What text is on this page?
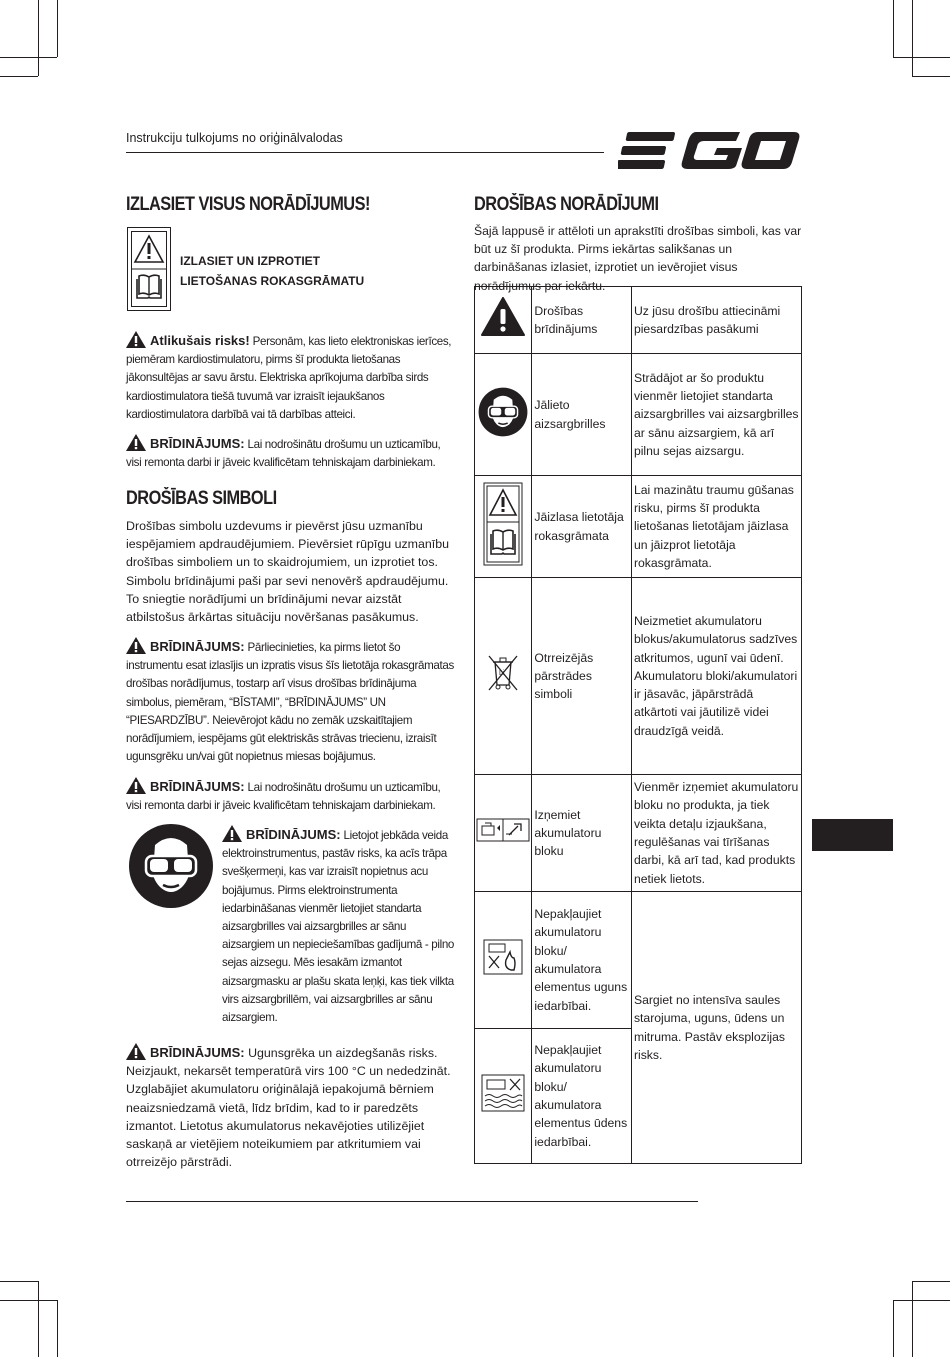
Instrukciju tulkojums no oriģinālvalodas
IZLASIET VISUS NORĀDĪJUMUS!
IZLASIET UN IZPROTIET
LIETOŠANAS ROKASGRĀMATU
Atlikušais risks! Personām, kas lieto elektroniskas ierīces, piemēram kardiostimulatoru, pirms šī produkta lietošanas jākonsultējas ar savu ārstu. Elektriska aprīkojuma darbība sirds kardiostimulatora tiešā tuvumā var izraisīt iejaukšanos kardiostimulatora darbībā vai tā darbības atteici.
BRĪDINĀJUMS: Lai nodrošinātu drošumu un uzticamību, visi remonta darbi ir jāveic kvalificētam tehniskajam darbiniekam.
DROŠĪBAS SIMBOLI
Drošības simbolu uzdevums ir pievērst jūsu uzmanību iespējamiem apdraudējumiem. Pievērsiet rūpīgu uzmanību drošības simboliem un to skaidrojumiem, un izprotiet tos. Simbolu brīdinājumi paši par sevi nenovērš apdraudējumu. To sniegtie norādījumi un brīdinājumi nevar aizstāt atbilstošus ārkārtas situāciju novēršanas pasākumus.
BRĪDINĀJUMS: Pārliecinieties, ka pirms lietot šo instrumentu esat izlasījis un izpratis visus šīs lietotāja rokasgrāmatas drošības norādījumus, tostarp arī visus drošības brīdinājuma simbolus, piemēram, “BĪSTAMI”, “BRĪDINĀJUMS” UN “PIESARDZĪBU”. Neievērojot kādu no zemāk uzskaitītajiem norādījumiem, iespējams gūt elektriskās strāvas triecienu, izraisīt ugunsgrēku un/vai gūt nopietnus miesas bojājumus.
BRĪDINĀJUMS: Lai nodrošinātu drošumu un uzticamību, visi remonta darbi ir jāveic kvalificētam tehniskajam darbiniekam.
BRĪDINĀJUMS: Lietojot jebkāda veida elektroinstrumentus, pastāv risks, ka acīs trāpa svešķermeņi, kas var izraisīt nopietnus acu bojājumus. Pirms elektroinstrumenta iedarbināšanas vienmēr lietojiet standarta aizsargbrilles vai aizsargbrilles ar sānu aizsargiem un nepieciešamības gadījumā - pilno sejas aizsegu. Mēs iesakām izmantot aizsargmasku ar plašu skata leņķi, kas tiek vilkta virs aizsargbrillēm, vai aizsargbrilles ar sānu aizsargiem.
BRĪDINĀJUMS: Ugunsgrēka un aizdegšanās risks. Neizjaukt, nekarsēt temperatūrā virs 100 °C un nededzināt. Uzglabājiet akumulatoru oriģinālajā iepakojumā bērniem neaizsniedzamā vietā, līdz brīdim, kad to ir paredzēts izmantot. Lietotus akumulatorus nekavējoties utilizējiet saskaņā ar vietējiem noteikumiem par atkritumiem vai otrreizējo pārstrādi.
DROŠĪBAS NORĀDĪJUMI
Šajā lappusē ir attēloti un aprakstīti drošības simboli, kas var būt uz šī produkta. Pirms iekārtas salikšanas un darbināšanas izlasiet, izprotiet un ievērojiet visus norādījumus par iekārtu.
	Drošības brīdinājums	Uz jūsu drošību attiecināmi piesardzības pasākumi
	Jālieto aizsargbrilles	Strādājot ar šo produktu vienmēr lietojiet standarta aizsargbrilles vai aizsargbrilles ar sānu aizsargiem, kā arī pilnu sejas aizsargu.
	Jāizlasa lietotāja rokasgrāmata	Lai mazinātu traumu gūšanas risku, pirms šī produkta lietošanas lietotājam jāizlasa un jāizprot lietotāja rokasgrāmata.

Li	Otrreizējās pārstrādes simboli	Neizmetiet akumulatoru blokus/akumulatorus sadzīves atkritumos, ugunī vai ūdenī. Akumulatoru bloki/akumulatori ir jāsavāc, jāpārstrādā atkārtoti vai jāutilizē videi draudzīgā veidā.
	Izņemiet akumulatoru bloku	Vienmēr izņemiet akumulatoru bloku no produkta, ja tiek veikta detaļu izjaukšana, regulēšanas vai tīrīšanas darbi, kā arī tad, kad produkts netiek lietots.
	Nepakļaujiet akumulatoru bloku/ akumulatora elementus uguns iedarbībai.	Sargiet no intensīva saules starojuma, uguns, ūdens un mitruma. Pastāv eksplozijas risks.
	Nepakļaujiet akumulatoru bloku/ akumulatora elementus ūdens iedarbībai.	
